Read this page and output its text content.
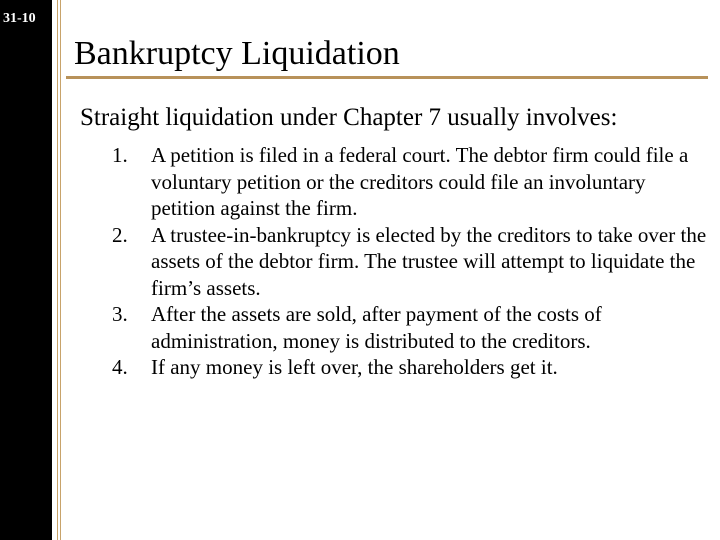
31-10
Bankruptcy Liquidation
Straight liquidation under Chapter 7 usually involves:
1. A petition is filed in a federal court. The debtor firm could file a voluntary petition or the creditors could file an involuntary petition against the firm.
2. A trustee-in-bankruptcy is elected by the creditors to take over the assets of the debtor firm. The trustee will attempt to liquidate the firm’s assets.
3. After the assets are sold, after payment of the costs of administration, money is distributed to the creditors.
4. If any money is left over, the shareholders get it.
